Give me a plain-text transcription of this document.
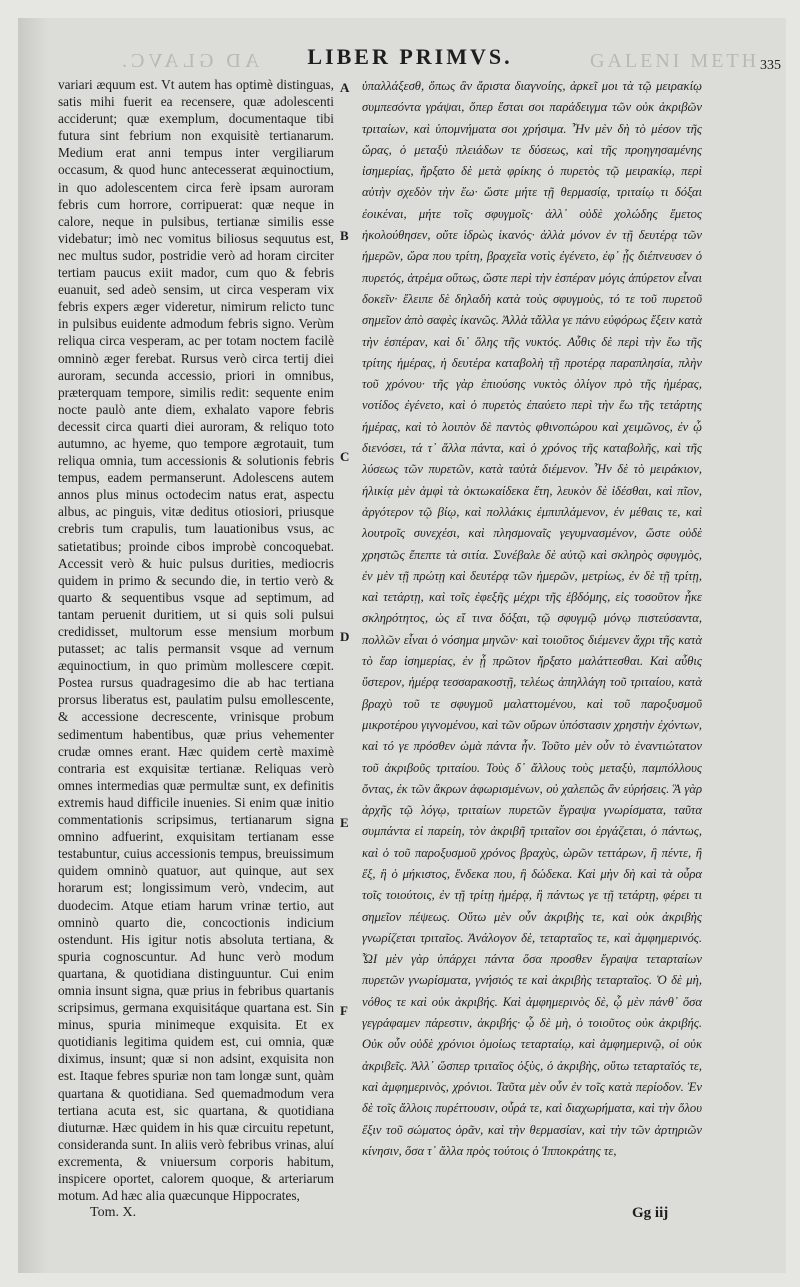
AD GLAVC.	LIBER PRIMVS.	GALENI METH 335

variari æquum est. Vt autem has optimè distinguas, satis mihi fuerit ea recensere, quæ adolescenti acciderunt; quæ exemplum, documentaque tibi futura sint febrium non exquisitè tertianarum. Medium erat anni tempus inter vergiliarum occasum, & quod hunc antecesserat æquinoctium, in quo adolescentem circa ferè ipsam auroram febris cum horrore, corripuerat: quæ neque in calore, neque in pulsibus, tertianæ similis esse videbatur; imò nec vomitus biliosus sequutus est, nec multus sudor, postridie verò ad horam circiter tertiam paucus exiit mador, cum quo & febris euanuit, sed adeò sensim, ut circa vesperam vix febris expers æger videretur, nimirum relicto tunc in pulsibus euidente admodum febris signo. Verùm reliqua circa vesperam, ac per totam noctem facilè omninò æger ferebat. Rursus verò circa tertij diei auroram, secunda accessio, priori in omnibus, præterquam tempore, similis redit: sequente enim nocte paulò ante diem, exhalato vapore febris decessit circa quarti diei auroram, & reliquo toto autumno, ac hyeme, quo tempore ægrotauit, tum reliqua omnia, tum accessionis & solutionis febris tempus, eadem permanserunt. Adolescens autem annos plus minus octodecim natus erat, aspectu albus, ac pinguis, vitæ deditus otiosiori, priusque crebris tum crapulis, tum lauationibus vsus, ac satietatibus; proinde cibos improbè concoquebat. Accessit verò & huic pulsus durities, mediocris quidem in primo & secundo die, in tertio verò & quarto & sequentibus vsque ad septimum, ad tantam peruenit duritiem, ut si quis soli pulsui credidisset, multorum esse mensium morbum putasset; ac talis permansit vsque ad vernum æquinoctium, in quo primùm mollescere cœpit. Postea rursus quadragesimo die ab hac tertiana prorsus liberatus est, paulatim pulsu emollescente, & accessione decrescente, vrinisque probum sedimentum habentibus, quæ prius vehementer crudæ omnes erant. Hæc quidem certè maximè contraria est exquisitæ tertianæ. Reliquas verò omnes intermedias quæ permultæ sunt, ex definitis extremis haud difficile inuenies. Si enim quæ initio commentationis scripsimus, tertianarum signa omnino adfuerint, exquisitam tertianam esse testabuntur, cuius accessionis tempus, breuissimum quidem omninò quatuor, aut quinque, aut sex horarum est; longissimum verò, vndecim, aut duodecim. Atque etiam harum vrinæ tertio, aut omninò quarto die, concoctionis indicium ostendunt. His igitur notis absoluta tertiana, & spuria cognoscuntur. Ad hunc verò modum quartana, & quotidiana distinguuntur. Cui enim omnia insunt signa, quæ prius in febribus quartanis scripsimus, germana exquisitáque quartana est. Sin minus, spuria minimeque exquisita. Et ex quotidianis legitima quidem est, cui omnia, quæ diximus, insunt; quæ si non adsint, exquisita non est. Itaque febres spuriæ non tam longæ sunt, quàm quartana & quotidiana. Sed quemadmodum vera tertiana acuta est, sic quartana, & quotidiana diuturnæ. Hæc quidem in his quæ circuitu repetunt, consideranda sunt. In aliis verò febribus vrinas, aluí excrementa, & vniuersum corporis habitum, inspicere oportet, calorem quoque, & arteriarum motum. Ad hæc alia quæcunque Hippocrates,

A
B
C
D
E
F

ὑπαλλάξεσθ, ὅπως ἂν ἄριστα διαγνοίης, ἀρκεῖ μοι τὰ τῷ μειρακίῳ συμπεσόντα γράψαι, ὅπερ ἔσται σοι παράδειγμα τῶν οὐκ ἀκριβῶν τριταίων, καὶ ὑπομνήματα σοι χρήσιμα. Ἦν μὲν δὴ τὸ μέσον τῆς ὥρας, ὁ μεταξὺ πλειάδων τε δύσεως, καὶ τῆς προηγησαμένης ἰσημερίας, ἤρξατο δὲ μετὰ φρίκης ὁ πυρετὸς τῷ μειρακίῳ, περὶ αὐτὴν σχεδὸν τὴν ἕω· ὥστε μήτε τῇ θερμασίᾳ, τριταίῳ τι δόξαι ἐοικέναι, μήτε τοῖς σφυγμοῖς· ἀλλ᾽ οὐδὲ χολώδης ἔμετος ἠκολούθησεν, οὔτε ἱδρὼς ἱκανός· ἀλλὰ μόνον ἐν τῇ δευτέρᾳ τῶν ἡμερῶν, ὥρα που τρίτη, βραχεῖα νοτὶς ἐγένετο, ἐφ᾽ ᾗς διέπνευσεν ὁ πυρετός, ἀτρέμα οὕτως, ὥστε περὶ τὴν ἑσπέραν μόγις ἀπύρετον εἶναι δοκεῖν· ἔλειπε δὲ δηλαδὴ κατὰ τοὺς σφυγμοὺς, τό τε τοῦ πυρετοῦ σημεῖον ἀπὸ σαφὲς ἱκανῶς. Ἀλλὰ τἄλλα γε πάνυ εὐφόρως ἔξειν κατὰ τὴν ἑσπέραν, καὶ δι᾽ ὅλης τῆς νυκτός. Αὖθις δὲ περὶ τὴν ἕω τῆς τρίτης ἡμέρας, ἡ δευτέρα καταβολὴ τῇ προτέρᾳ παραπλησία, πλὴν τοῦ χρόνου· τῆς γὰρ ἐπιούσης νυκτὸς ὀλίγον πρὸ τῆς ἡμέρας, νοτίδος ἐγένετο, καὶ ὁ πυρετὸς ἐπαύετο περὶ τὴν ἕω τῆς τετάρτης ἡμέρας, καὶ τὸ λοιπὸν δὲ παντὸς φθινοπώρου καὶ χειμῶνος, ἐν ᾧ διενόσει, τά τ᾽ ἄλλα πάντα, καὶ ὁ χρόνος τῆς καταβολῆς, καὶ τῆς λύσεως τῶν πυρετῶν, κατὰ ταὐτὰ διέμενον. Ἦν δὲ τὸ μειράκιον, ἡλικίᾳ μὲν ἀμφὶ τὰ ὀκτωκαίδεκα ἔτη, λευκὸν δὲ ἰδέσθαι, καὶ πῖον, ἀργότερον τῷ βίῳ, καὶ πολλάκις ἐμπιπλάμενον, ἐν μέθαις τε, καὶ λουτροῖς συνεχέσι, καὶ πλησμοναῖς γεγυμνασμένον, ὥστε οὐδὲ χρηστῶς ἔπεπτε τὰ σιτία. Συνέβαλε δὲ αὐτῷ καὶ σκληρὸς σφυγμὸς, ἐν μὲν τῇ πρώτῃ καὶ δευτέρᾳ τῶν ἡμερῶν, μετρίως, ἐν δὲ τῇ τρίτῃ, καὶ τετάρτῃ, καὶ τοῖς ἐφεξῆς μέχρι τῆς ἑβδόμης, εἰς τοσοῦτον ἧκε σκληρότητος, ὡς εἴ τινα δόξαι, τῷ σφυγμῷ μόνῳ πιστεύσαντα, πολλῶν εἶναι ὁ νόσημα μηνῶν· καὶ τοιοῦτος διέμενεν ἄχρι τῆς κατὰ τὸ ἔαρ ἰσημερίας, ἐν ᾗ πρῶτον ἤρξατο μαλάττεσθαι. Καὶ αὖθις ὕστερον, ἡμέρᾳ τεσσαρακοστῇ, τελέως ἀπηλλάγη τοῦ τριταίου, κατὰ βραχὺ τοῦ τε σφυγμοῦ μαλαττομένου, καὶ τοῦ παροξυσμοῦ μικροτέρου γιγνομένου, καὶ τῶν οὔρων ὑπόστασιν χρηστὴν ἐχόντων, καὶ τό γε πρόσθεν ὠμὰ πάντα ἦν. Τοῦτο μὲν οὖν τὸ ἐναντιώτατον τοῦ ἀκριβοῦς τριταίου. Τοὺς δ᾽ ἄλλους τοὺς μεταξὺ, παμπόλλους ὄντας, ἐκ τῶν ἄκρων ἀφωρισμένων, οὐ χαλεπῶς ἂν εὑρήσεις. Ἃ γὰρ ἀρχῆς τῷ λόγῳ, τριταίων πυρετῶν ἔγραψα γνωρίσματα, ταῦτα συμπάντα εἰ παρείη, τὸν ἀκριβῆ τριταῖον σοι ἐργάζεται, ὁ πάντως, καὶ ὁ τοῦ παροξυσμοῦ χρόνος βραχὺς, ὡρῶν τεττάρων, ἢ πέντε, ἢ ἕξ, ἢ ὁ μήκιστος, ἕνδεκα που, ἢ δώδεκα. Καὶ μὴν δὴ καὶ τὰ οὖρα τοῖς τοιούτοις, ἐν τῇ τρίτῃ ἡμέρᾳ, ἢ πάντως γε τῇ τετάρτῃ, φέρει τι σημεῖον πέψεως. Οὕτω μὲν οὖν ἀκριβὴς τε, καὶ οὐκ ἀκριβὴς γνωρίζεται τριταῖος. Ἀνάλογον δὲ, τεταρταῖος τε, καὶ ἀμφημερινός. ὯΙ μὲν γὰρ ὑπάρχει πάντα ὅσα προσθεν ἔγραψα τεταρταίων πυρετῶν γνωρίσματα, γνήσιός τε καὶ ἀκριβὴς τεταρταῖος. Ὁ δὲ μὴ, νόθος τε καὶ οὐκ ἀκριβής. Καὶ ἀμφημερινὸς δὲ, ᾧ μὲν πάνθ᾽ ὅσα γεγράφαμεν πάρεστιν, ἀκριβής· ᾧ δὲ μὴ, ὁ τοιοῦτος οὐκ ἀκριβής. Οὐκ οὖν οὐδὲ χρόνιοι ὁμοίως τεταρταίῳ, καὶ ἀμφημερινῷ, οἱ οὐκ ἀκριβεῖς. Ἀλλ᾽ ὥσπερ τριταῖος ὀξὺς, ὁ ἀκριβὴς, οὕτω τεταρταῖός τε, καὶ ἀμφημερινὸς, χρόνιοι. Ταῦτα μὲν οὖν ἐν τοῖς κατὰ περίοδον. Ἐν δὲ τοῖς ἄλλοις πυρέττουσιν, οὖρά τε, καὶ διαχωρήματα, καὶ τὴν ὅλου ἕξιν τοῦ σώματος ὁρᾶν, καὶ τὴν θερμασίαν, καὶ τὴν τῶν ἀρτηριῶν κίνησιν, ὅσα τ᾽ ἄλλα πρὸς τούτοις ὁ Ἱπποκράτης τε,

Tom. X.	Gg iij
